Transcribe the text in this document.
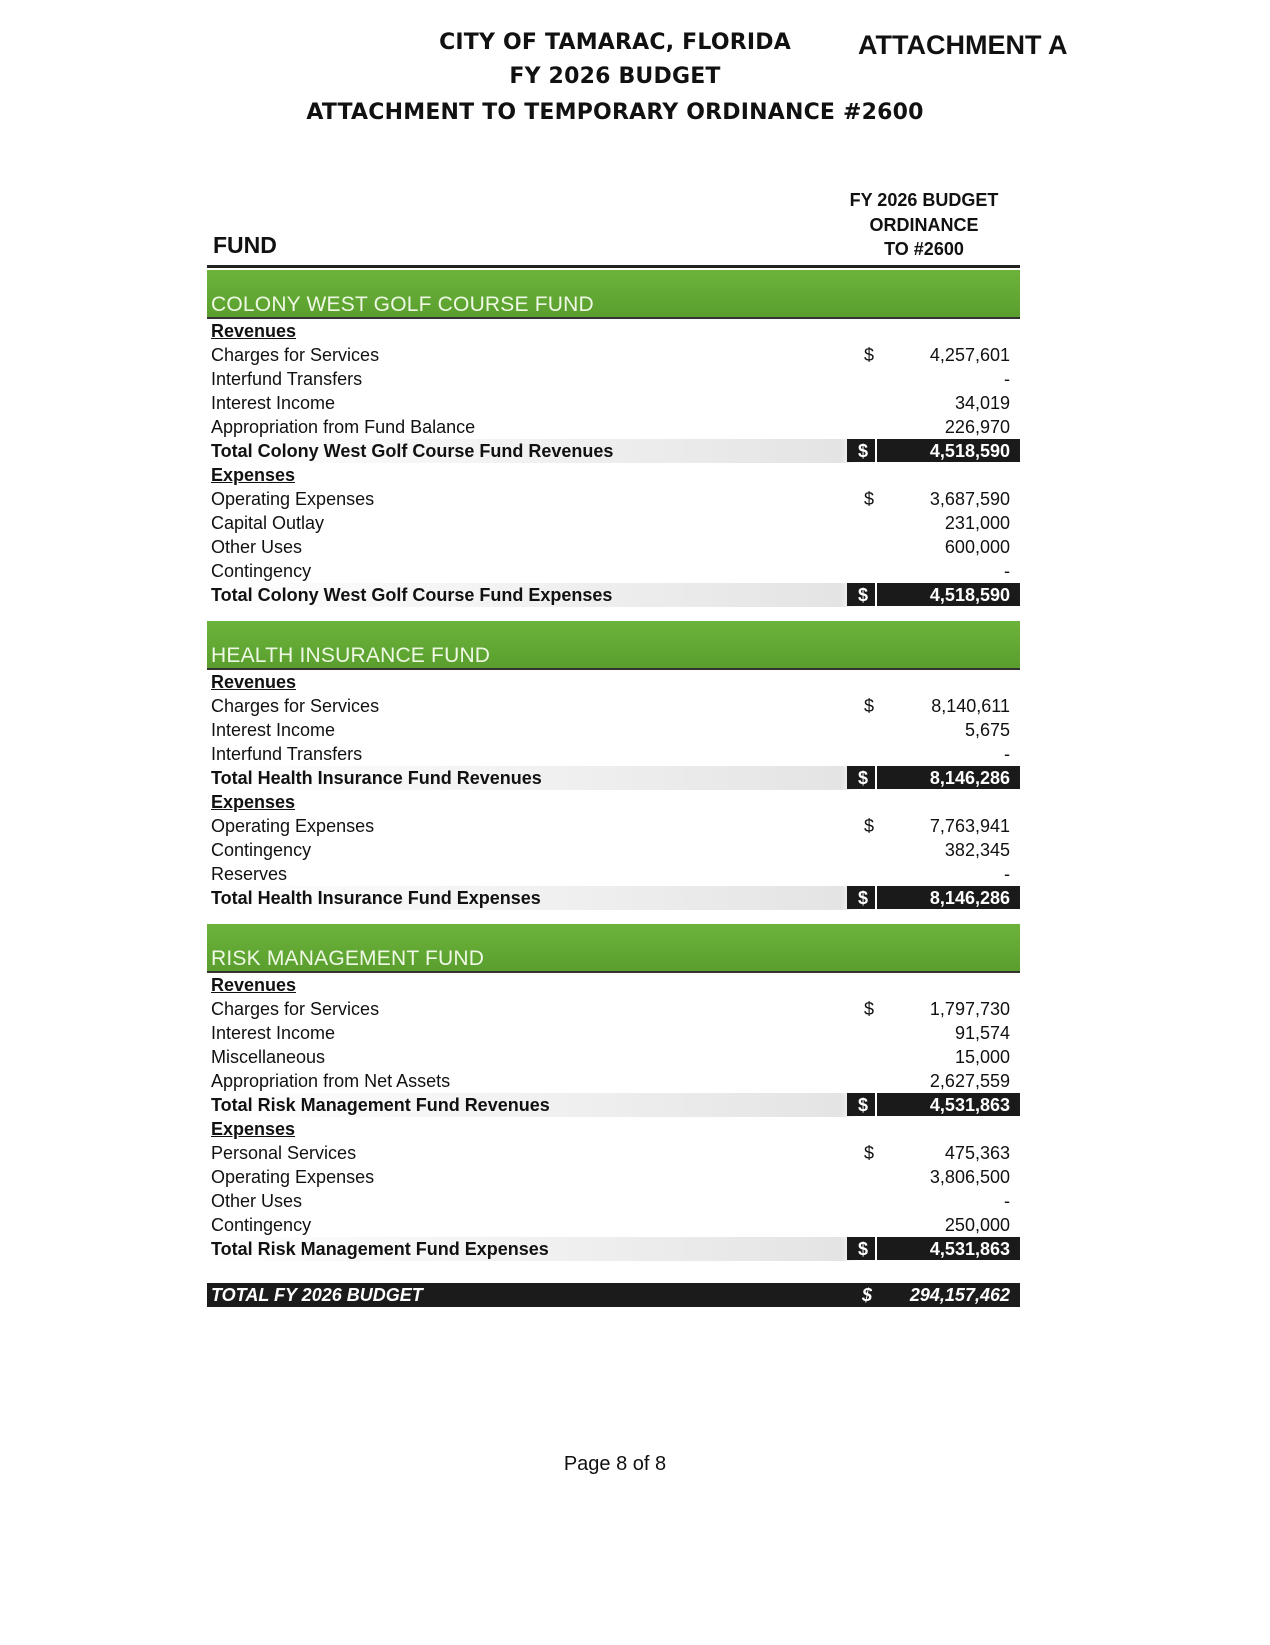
CITY OF TAMARAC, FLORIDA
FY 2026 BUDGET
ATTACHMENT TO TEMPORARY ORDINANCE #2600
ATTACHMENT A
FUND
FY 2026 BUDGET
ORDINANCE
TO #2600
COLONY WEST GOLF COURSE FUND
Revenues
Charges for Services	$	4,257,601
Interfund Transfers	-
Interest Income	34,019
Appropriation from Fund Balance	226,970
Total Colony West Golf Course Fund Revenues	$	4,518,590
Expenses
Operating Expenses	$	3,687,590
Capital Outlay	231,000
Other Uses	600,000
Contingency	-
Total Colony West Golf Course Fund Expenses	$	4,518,590
HEALTH INSURANCE FUND
Revenues
Charges for Services	$	8,140,611
Interest Income	5,675
Interfund Transfers	-
Total Health Insurance Fund Revenues	$	8,146,286
Expenses
Operating Expenses	$	7,763,941
Contingency	382,345
Reserves	-
Total Health Insurance Fund Expenses	$	8,146,286
RISK MANAGEMENT FUND
Revenues
Charges for Services	$	1,797,730
Interest Income	91,574
Miscellaneous	15,000
Appropriation from Net Assets	2,627,559
Total Risk Management Fund Revenues	$	4,531,863
Expenses
Personal Services	$	475,363
Operating Expenses	3,806,500
Other Uses	-
Contingency	250,000
Total Risk Management Fund Expenses	$	4,531,863
TOTAL FY 2026 BUDGET	$ 294,157,462
Page 8 of 8
